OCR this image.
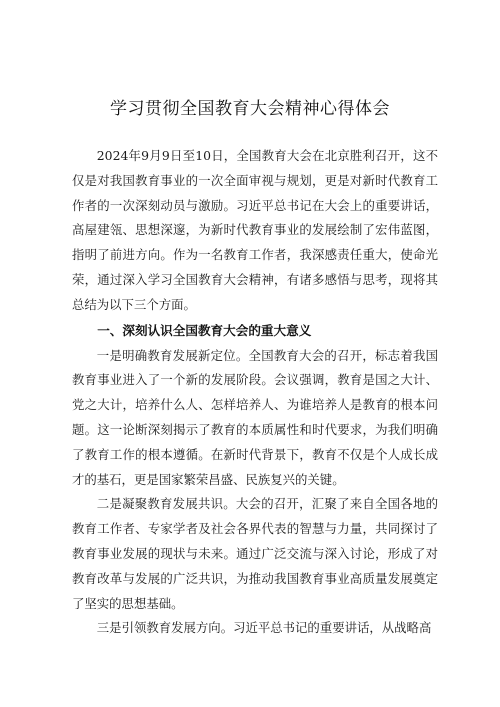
学习贯彻全国教育大会精神心得体会

2024年9月9日至10日，全国教育大会在北京胜利召开，这不仅是对我国教育事业的一次全面审视与规划，更是对新时代教育工作者的一次深刻动员与激励。习近平总书记在大会上的重要讲话，高屋建瓴、思想深邃，为新时代教育事业的发展绘制了宏伟蓝图，指明了前进方向。作为一名教育工作者，我深感责任重大，使命光荣，通过深入学习全国教育大会精神，有诸多感悟与思考，现将其总结为以下三个方面。

一、深刻认识全国教育大会的重大意义

一是明确教育发展新定位。全国教育大会的召开，标志着我国教育事业进入了一个新的发展阶段。会议强调，教育是国之大计、党之大计，培养什么人、怎样培养人、为谁培养人是教育的根本问题。这一论断深刻揭示了教育的本质属性和时代要求，为我们明确了教育工作的根本遵循。在新时代背景下，教育不仅是个人成长成才的基石，更是国家繁荣昌盛、民族复兴的关键。

二是凝聚教育发展共识。大会的召开，汇聚了来自全国各地的教育工作者、专家学者及社会各界代表的智慧与力量，共同探讨了教育事业发展的现状与未来。通过广泛交流与深入讨论，形成了对教育改革与发展的广泛共识，为推动我国教育事业高质量发展奠定了坚实的思想基础。

三是引领教育发展方向。习近平总书记的重要讲话，从战略高
